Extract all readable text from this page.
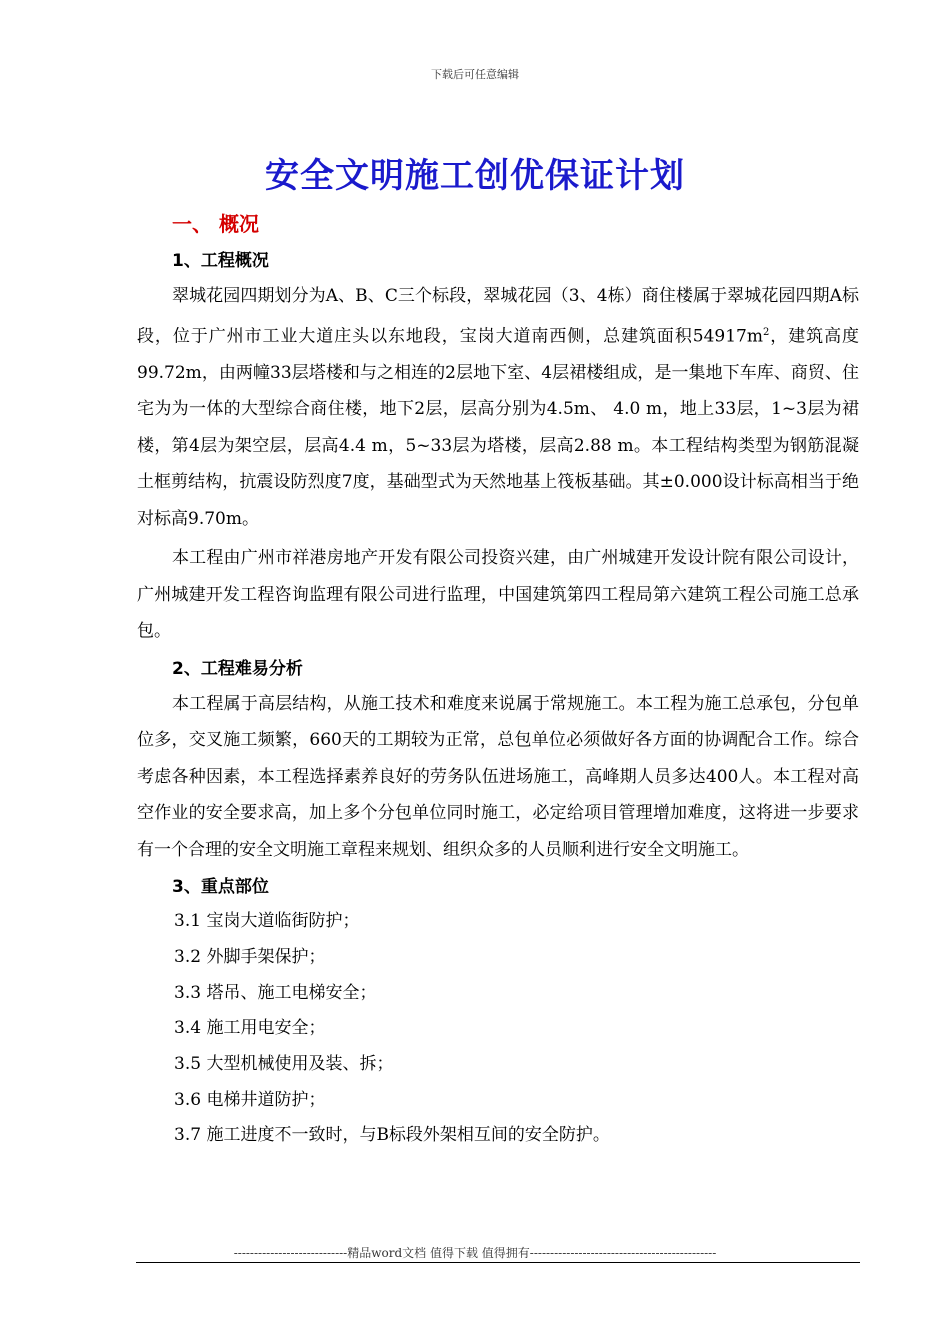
下载后可任意编辑
安全文明施工创优保证计划
一、 概况
1、工程概况

翠城花园四期划分为A、B、C三个标段，翠城花园（3、4栋）商住楼属于翠城花园四期A标段，位于广州市工业大道庄头以东地段，宝岗大道南西侧，总建筑面积$54917m^2$，建筑高度99.72m，由两幢33层塔楼和与之相连的2层地下室、4层裙楼组成，是一集地下车库、商贸、住宅为为一体的大型综合商住楼，地下2层，层高分别为4.5m、 4.0 m，地上33层，1~3层为裙楼，第4层为架空层，层高4.4 m，5~33层为塔楼，层高2.88 m。本工程结构类型为钢筋混凝土框剪结构，抗震设防烈度7度，基础型式为天然地基上筏板基础。其±0.000设计标高相当于绝对标高9.70m。

本工程由广州市祥港房地产开发有限公司投资兴建，由广州城建开发设计院有限公司设计，广州城建开发工程咨询监理有限公司进行监理，中国建筑第四工程局第六建筑工程公司施工总承包。

2、工程难易分析

本工程属于高层结构，从施工技术和难度来说属于常规施工。本工程为施工总承包，分包单位多，交叉施工频繁，660天的工期较为正常，总包单位必须做好各方面的协调配合工作。综合考虑各种因素，本工程选择素养良好的劳务队伍进场施工，高峰期人员多达400人。本工程对高空作业的安全要求高，加上多个分包单位同时施工，必定给项目管理增加难度，这将进一步要求有一个合理的安全文明施工章程来规划、组织众多的人员顺利进行安全文明施工。

3、重点部位
3.1 宝岗大道临街防护；
3.2 外脚手架保护；
3.3 塔吊、施工电梯安全；
3.4 施工用电安全；
3.5 大型机械使用及装、拆；
3.6 电梯井道防护；
3.7 施工进度不一致时，与B标段外架相互间的安全防护。
----------------------------精品word文档 值得下载 值得拥有----------------------------------------------
